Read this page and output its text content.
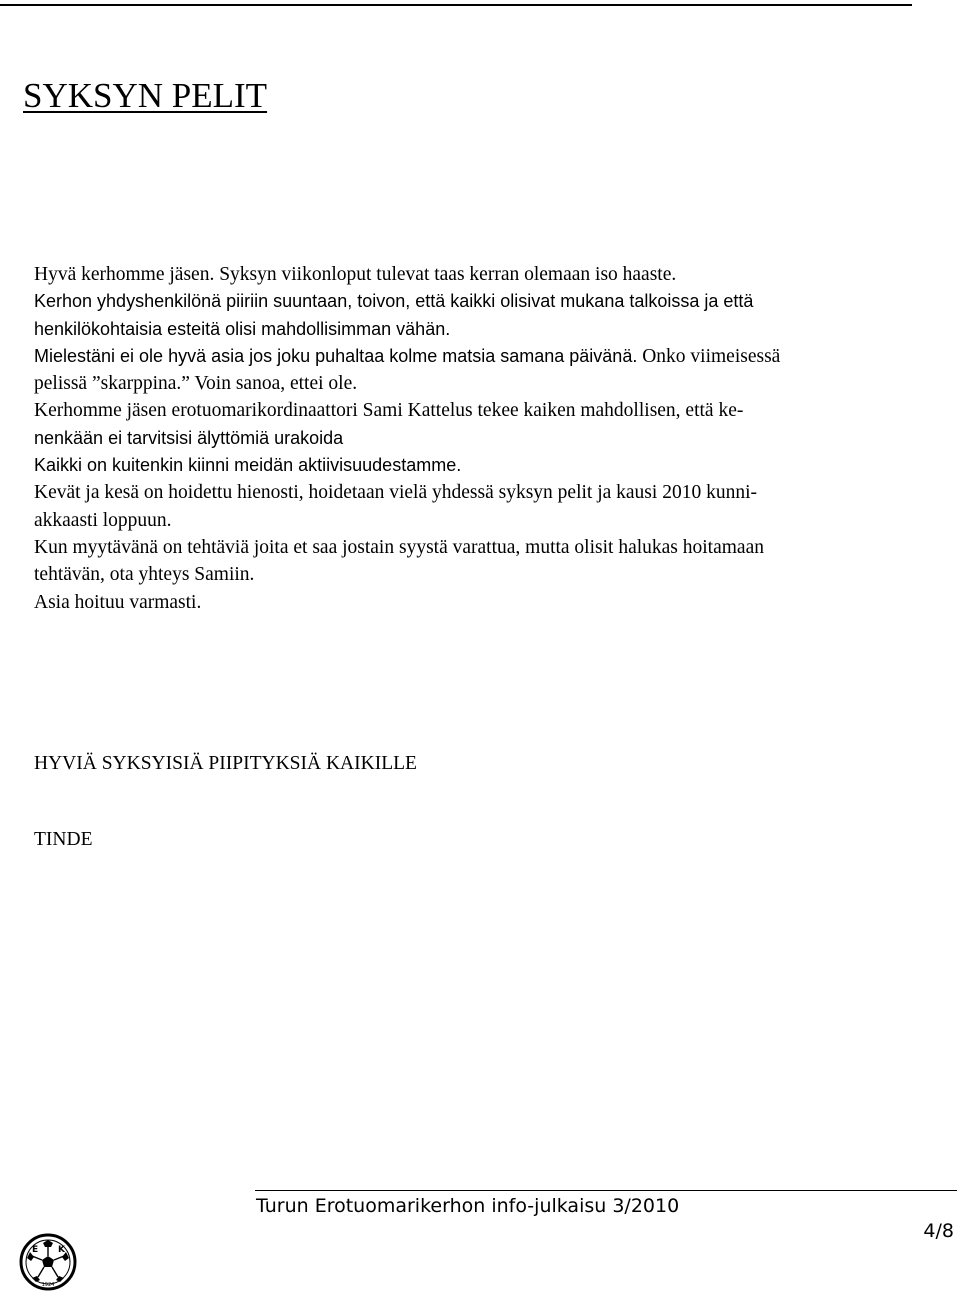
SYKSYN PELIT
Hyvä kerhomme jäsen. Syksyn viikonloput tulevat taas kerran olemaan iso haaste.
Kerhon yhdyshenkilönä piiriin suuntaan, toivon, että kaikki olisivat mukana talkoissa ja että
henkilökohtaisia esteitä olisi mahdollisimman vähän.
Mielestäni ei ole hyvä asia jos joku puhaltaa kolme matsia samana päivänä. Onko viimeisessä
pelissä ”skarppina.” Voin sanoa, ettei ole.
Kerhomme jäsen erotuomarikordinaattori Sami Kattelus tekee kaiken mahdollisen, että ke-
nenkään ei tarvitsisi älyttömiä urakoida
Kaikki on kuitenkin kiinni meidän aktiivisuudestamme.
Kevät ja kesä on hoidettu hienosti, hoidetaan vielä yhdessä syksyn pelit ja kausi 2010 kunni-
akkaasti loppuun.
Kun myytävänä on tehtäviä joita et saa jostain syystä varattua, mutta olisit halukas hoitamaan
tehtävän, ota yhteys Samiin.
Asia hoituu varmasti.

HYVIÄ SYKSYISIÄ PIIPITYKSIÄ KAIKILLE

TINDE

Turun Erotuomarikerhon info-julkaisu 3/2010
4/8
E K
1924
